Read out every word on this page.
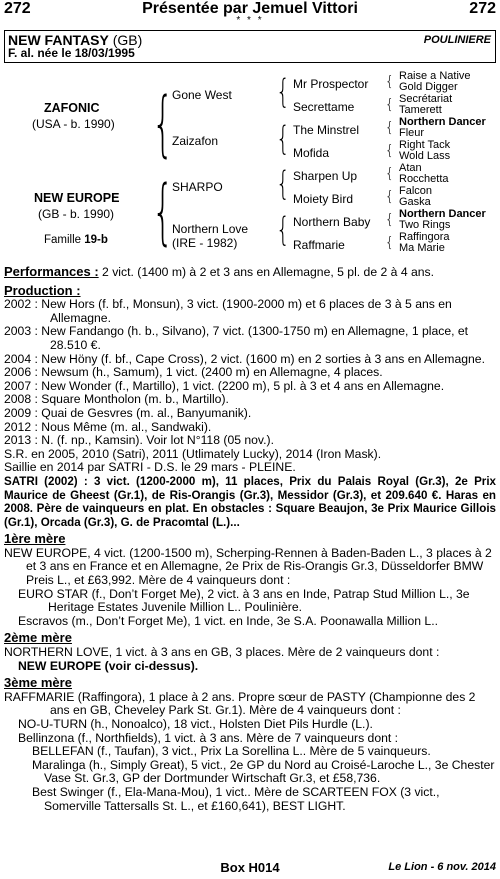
Présentée par Jemuel Vittori
272	272
* * *
NEW FANTASY (GB)	POULINIERE
F. al. née le 18/03/1995
ZAFONIC
(USA - b. 1990)
NEW EUROPE
(GB - b. 1990)
Famille 19-b
{
{
Gone West
Zaizafon
SHARPO
Northern Love
(IRE - 1982)
{
{
{
{
Mr Prospector
Secrettame
The Minstrel
Mofida
Sharpen Up
Moiety Bird
Northern Baby
Raffmarie
{
{
{
{
{
{
{
{
Raise a Native
Gold Digger
Secrétariat
Tamerett
Northern Dancer
Fleur
Right Tack
Wold Lass
Atan
Rocchetta
Falcon
Gaska
Northern Dancer
Two Rings
Raffingora
Ma Marie

Performances : 2 vict. (1400 m) à 2 et 3 ans en Allemagne, 5 pl. de 2 à 4 ans.

Production :

2002 : New Hors (f. bf., Monsun), 3 vict. (1900-2000 m) et 6 places de 3 à 5 ans en Allemagne.

2003 : New Fandango (h. b., Silvano), 7 vict. (1300-1750 m) en Allemagne, 1 place, et 28.510 €.

2004 : New Höny (f. bf., Cape Cross), 2 vict. (1600 m) en 2 sorties à 3 ans en Allemagne.

2006 : Newsum (h., Samum), 1 vict. (2400 m) en Allemagne, 4 places.

2007 : New Wonder (f., Martillo), 1 vict. (2200 m), 5 pl. à 3 et 4 ans en Allemagne.

2008 : Square Montholon (m. b., Martillo).

2009 : Quai de Gesvres (m. al., Banyumanik).

2012 : Nous Même (m. al., Sandwaki).

2013 : N. (f. np., Kamsin). Voir lot N°118 (05 nov.).

S.R. en 2005, 2010 (Satri), 2011 (Utlimately Lucky), 2014 (Iron Mask).

Saillie en 2014 par SATRI - D.S. le 29 mars - PLEINE.

SATRI (2002) : 3 vict. (1200-2000 m), 11 places, Prix du Palais Royal (Gr.3), 2e Prix Maurice de Gheest (Gr.1), de Ris-Orangis (Gr.3), Messidor (Gr.3), et 209.640 €. Haras en 2008. Père de vainqueurs en plat. En obstacles : Square Beaujon, 3e Prix Maurice Gillois (Gr.1), Orcada (Gr.3), G. de Pracomtal (L.)...

1ère mère

NEW EUROPE, 4 vict. (1200-1500 m), Scherping-Rennen à Baden-Baden L., 3 places à 2 et 3 ans en France et en Allemagne, 2e Prix de Ris-Orangis Gr.3, Düsseldorfer BMW Preis L., et £63,992. Mère de 4 vainqueurs dont :

EURO STAR (f., Don’t Forget Me), 2 vict. à 3 ans en Inde, Patrap Stud Million L., 3e Heritage Estates Juvenile Million L.. Poulinière.

Escravos (m., Don’t Forget Me), 1 vict. en Inde, 3e S.A. Poonawalla Million L..

2ème mère

NORTHERN LOVE, 1 vict. à 3 ans en GB, 3 places. Mère de 2 vainqueurs dont :

NEW EUROPE (voir ci-dessus).

3ème mère

RAFFMARIE (Raffingora), 1 place à 2 ans. Propre sœur de PASTY (Championne des 2 ans en GB, Cheveley Park St. Gr.1). Mère de 4 vainqueurs dont :

NO-U-TURN (h., Nonoalco), 18 vict., Holsten Diet Pils Hurdle (L.).

Bellinzona (f., Northfields), 1 vict. à 3 ans. Mère de 7 vainqueurs dont :

BELLEFAN (f., Taufan), 3 vict., Prix La Sorellina L.. Mère de 5 vainqueurs.

Maralinga (h., Simply Great), 5 vict., 2e GP du Nord au Croisé-Laroche L., 3e Chester Vase St. Gr.3, GP der Dortmunder Wirtschaft Gr.3, et £58,736.

Best Swinger (f., Ela-Mana-Mou), 1 vict.. Mère de SCARTEEN FOX (3 vict., Somerville Tattersalls St. L., et £160,641), BEST LIGHT.

Box H014	Le Lion - 6 nov. 2014
